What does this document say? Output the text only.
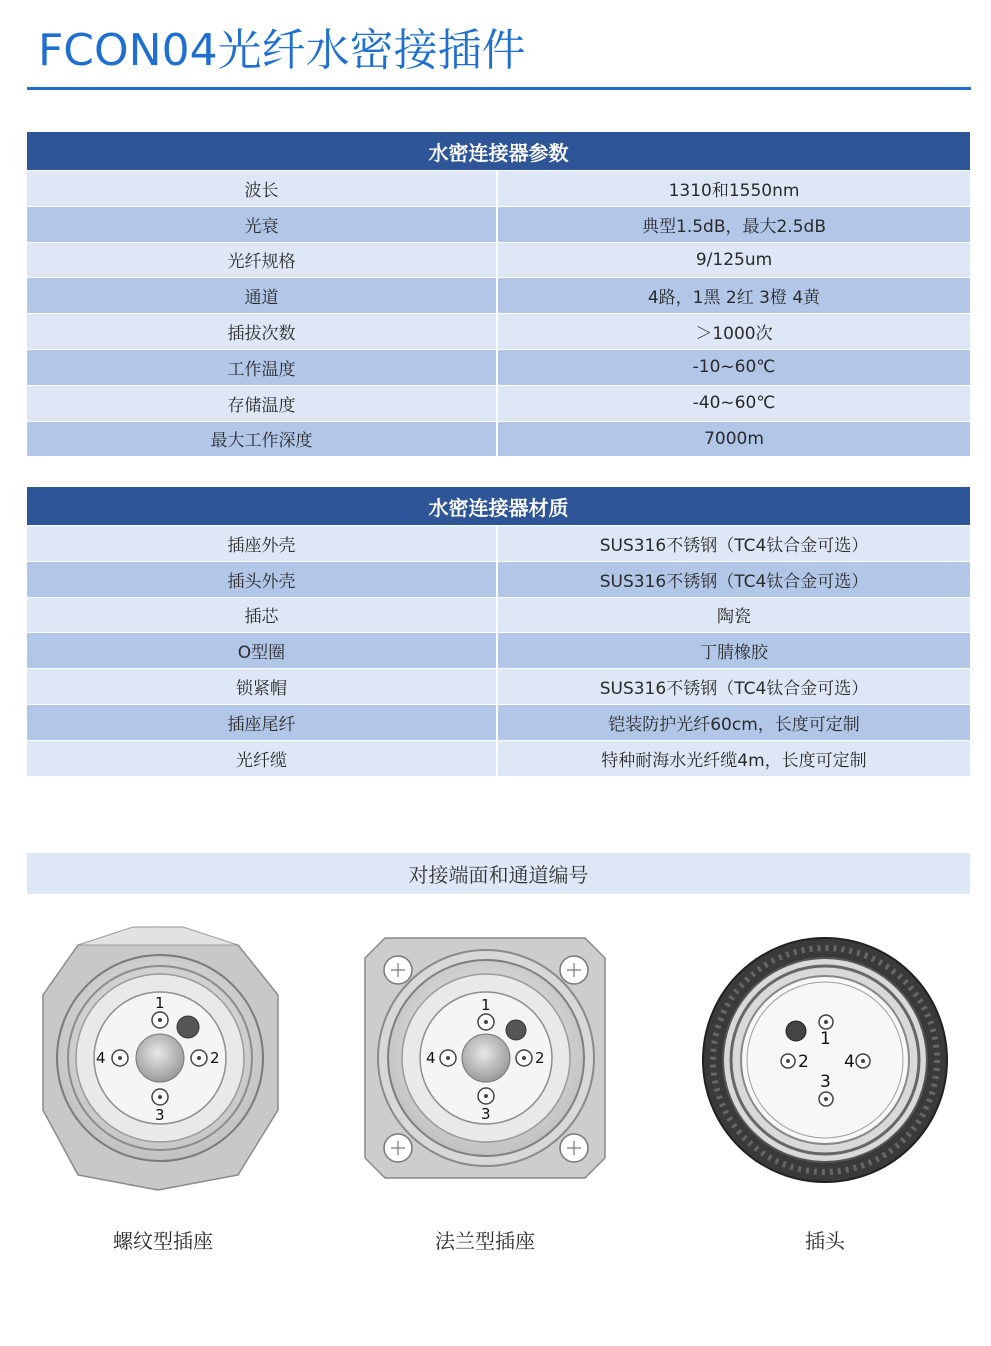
FCON04光纤水密接插件
水密连接器参数
波长	1310和1550nm
光衰	典型1.5dB，最大2.5dB
光纤规格	9/125um
通道	4路，1黑 2红 3橙 4黄
插拔次数	＞1000次
工作温度	-10~60℃
存储温度	-40~60℃
最大工作深度	7000m
水密连接器材质
插座外壳	SUS316不锈钢（TC4钛合金可选）
插头外壳	SUS316不锈钢（TC4钛合金可选）
插芯	陶瓷
O型圈	丁腈橡胶
锁紧帽	SUS316不锈钢（TC4钛合金可选）
插座尾纤	铠装防护光纤60cm，长度可定制
光纤缆	特种耐海水光纤缆4m，长度可定制
对接端面和通道编号
1
2
3
4
螺纹型插座
1
2
3
4
法兰型插座
1
2
3
4
插头
